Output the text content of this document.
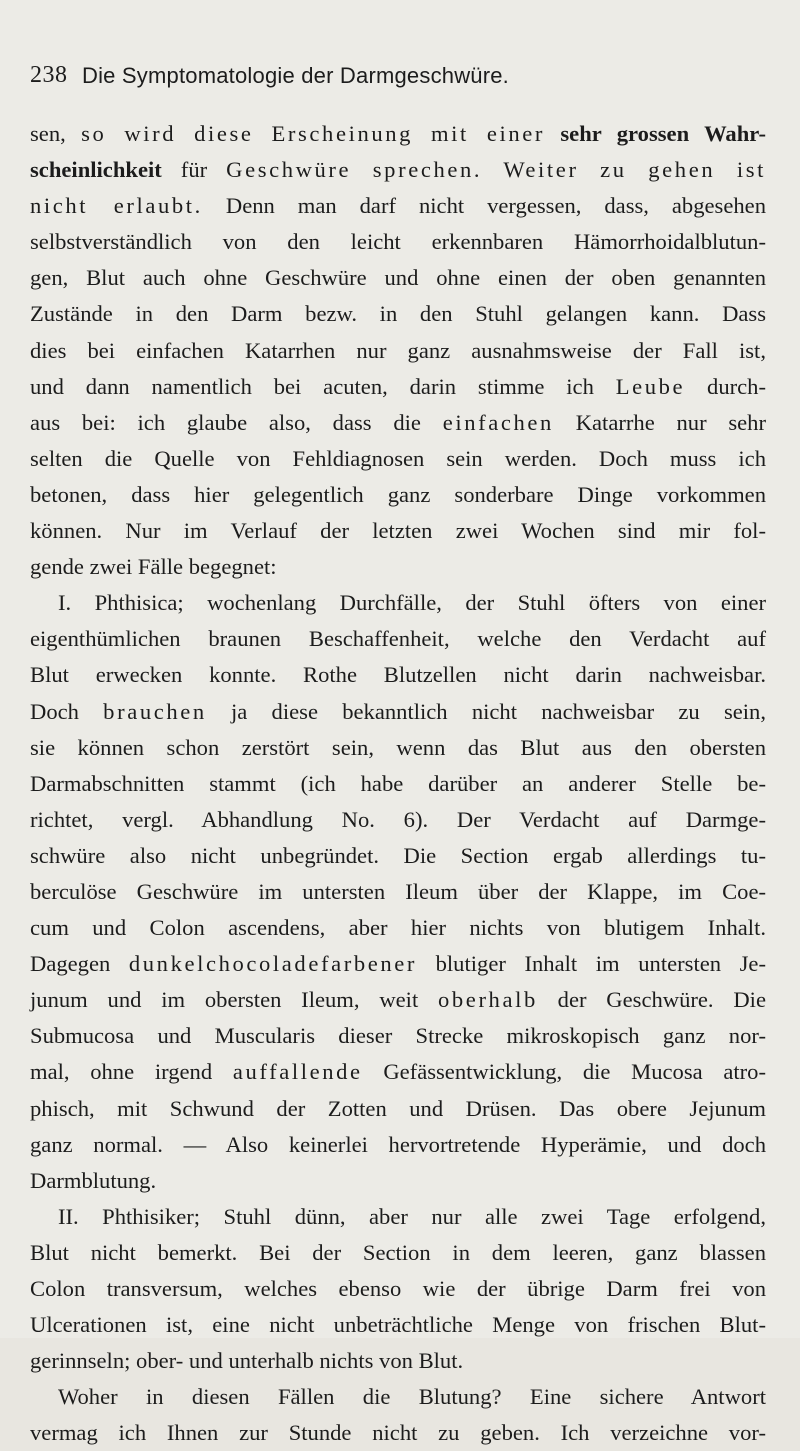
238 Die Symptomatologie der Darmgeschwüre.
sen, so wird diese Erscheinung mit einer sehr grossen Wahr-
scheinlichkeit für Geschwüre sprechen. Weiter zu gehen ist
nicht erlaubt. Denn man darf nicht vergessen, dass, abgesehen
selbstverständlich von den leicht erkennbaren Hämorrhoidalblutun-
gen, Blut auch ohne Geschwüre und ohne einen der oben genannten
Zustände in den Darm bezw. in den Stuhl gelangen kann. Dass
dies bei einfachen Katarrhen nur ganz ausnahmsweise der Fall ist,
und dann namentlich bei acuten, darin stimme ich Leube durch-
aus bei: ich glaube also, dass die einfachen Katarrhe nur sehr
selten die Quelle von Fehldiagnosen sein werden. Doch muss ich
betonen, dass hier gelegentlich ganz sonderbare Dinge vorkommen
können. Nur im Verlauf der letzten zwei Wochen sind mir fol-
gende zwei Fälle begegnet:
I. Phthisica; wochenlang Durchfälle, der Stuhl öfters von einer
eigenthümlichen braunen Beschaffenheit, welche den Verdacht auf
Blut erwecken konnte. Rothe Blutzellen nicht darin nachweisbar.
Doch brauchen ja diese bekanntlich nicht nachweisbar zu sein,
sie können schon zerstört sein, wenn das Blut aus den obersten
Darmabschnitten stammt (ich habe darüber an anderer Stelle be-
richtet, vergl. Abhandlung No. 6). Der Verdacht auf Darmge-
schwüre also nicht unbegründet. Die Section ergab allerdings tu-
berculöse Geschwüre im untersten Ileum über der Klappe, im Coe-
cum und Colon ascendens, aber hier nichts von blutigem Inhalt.
Dagegen dunkelchocoladefarbener blutiger Inhalt im untersten Je-
junum und im obersten Ileum, weit oberhalb der Geschwüre. Die
Submucosa und Muscularis dieser Strecke mikroskopisch ganz nor-
mal, ohne irgend auffallende Gefässentwicklung, die Mucosa atro-
phisch, mit Schwund der Zotten und Drüsen. Das obere Jejunum
ganz normal. — Also keinerlei hervortretende Hyperämie, und doch
Darmblutung.
II. Phthisiker; Stuhl dünn, aber nur alle zwei Tage erfolgend,
Blut nicht bemerkt. Bei der Section in dem leeren, ganz blassen
Colon transversum, welches ebenso wie der übrige Darm frei von
Ulcerationen ist, eine nicht unbeträchtliche Menge von frischen Blut-
gerinnseln; ober- und unterhalb nichts von Blut.
Woher in diesen Fällen die Blutung? Eine sichere Antwort
vermag ich Ihnen zur Stunde nicht zu geben. Ich verzeichne vor-
